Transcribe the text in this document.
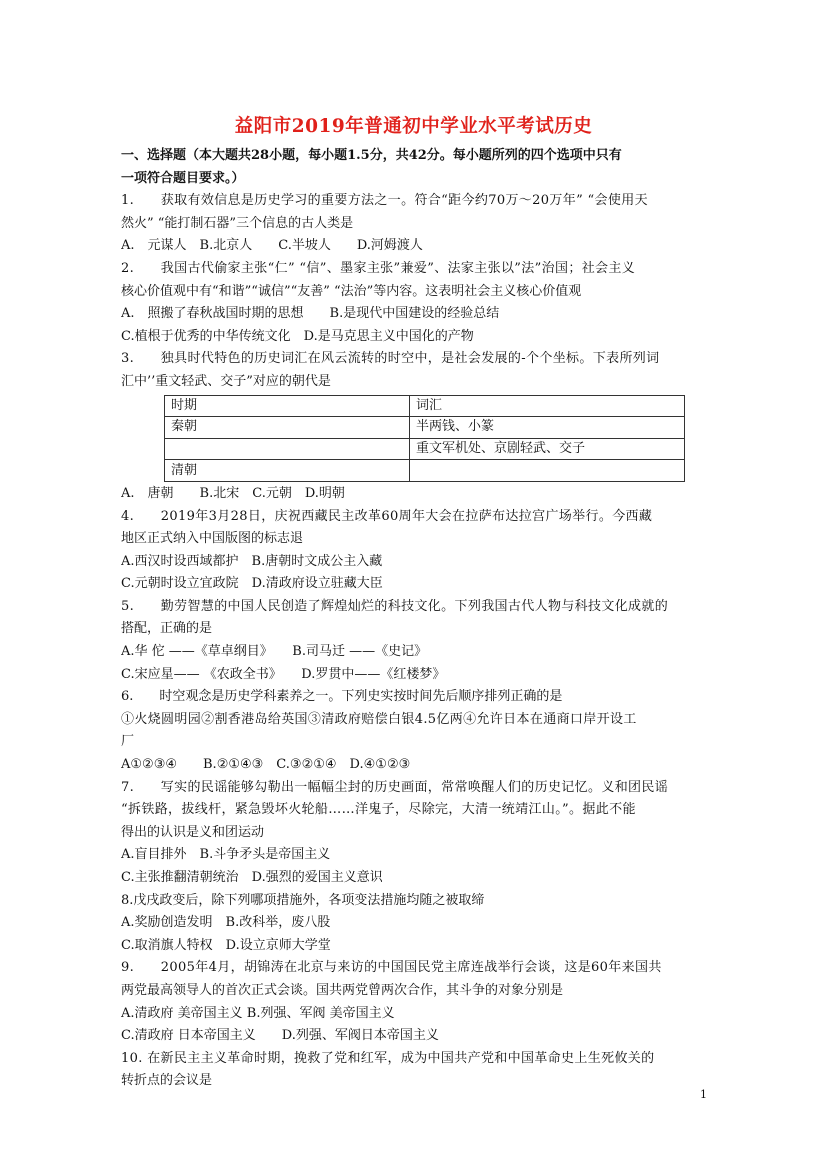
益阳市2019年普通初中学业水平考试历史
一、选择题（本大题共28小题，每小题1.5分，共42分。每小题所列的四个选项中只有
一项符合题目要求。）
1.　　获取有效信息是历史学习的重要方法之一。符合“距今约70万～20万年” “会使用天
然火” “能打制石器”三个信息的古人类是
A.　元谋人　B.北京人　　C.半坡人　　D.河姆渡人
2.　　我国古代偷家主张“仁” “信”、墨家主张”兼爱”、法家主张以”法”治国；社会主义
核心价值观中有“和谐”“诚信”“友善” “法治”等内容。这表明社会主义核心价值观
A.　照搬了春秋战国时期的思想　　B.是现代中国建设的经验总结
C.植根于优秀的中华传统文化　D.是马克思主义中国化的产物
3.　　独具时代特色的历史词汇在风云流转的时空中，是社会发展的-个个坐标。下表所列词
汇中’’重文轻武、交子”对应的朝代是
时期	词汇
秦朝	半两钱、小篆
	重文军机处、京剧轻武、交子
清朝	
A.　唐朝　　B.北宋　C.元朝　D.明朝
4.　　2019年3月28日，庆祝西藏民主改革60周年大会在拉萨布达拉宫广场举行。今西藏
地区正式纳入中国版图的标志退
A.西汉时设西域都护　B.唐朝时文成公主入藏
C.元朝时设立宜政院　D.清政府设立驻藏大臣
5.　　勤劳智慧的中国人民创造了辉煌灿烂的科技文化。下列我国古代人物与科技文化成就的
搭配，正确的是
A.华 佗 ——《草卓纲目》　　B.司马迁 ——《史记》
C.宋应星—— 《农政全书》　　D.罗贯中——《红楼梦》
6.　　时空观念是历史学科素养之一。下列史实按时间先后顺序排列正确的是
①火烧圆明园②割香港岛给英国③清政府赔偿白银4.5亿两④允许日本在通商口岸开设工
厂
A①②③④　　B.②①④③　C.③②①④　D.④①②③
7.　　写实的民谣能够勾勒出一幅幅尘封的历史画面，常常唤醒人们的历史记忆。义和团民谣
“拆铁路，拔线杆，紧急毁坏火轮船……洋鬼子，尽除完，大清一统靖江山。”。据此不能
得出的认识是义和团运动
A.盲目排外　B.斗争矛头是帝国主义
C.主张推翻清朝统治　D.强烈的爱国主义意识
8.戊戌政变后，除下列哪项措施外，各项变法措施均随之被取缔
A.奖励创造发明　B.改科举，废八股
C.取消旗人特权　D.设立京师大学堂
9.　　2005年4月，胡锦涛在北京与来访的中国国民党主席连战举行会谈，这是60年来国共
两党最高领导人的首次正式会谈。国共两党曾两次合作，其斗争的对象分别是
A.清政府 美帝国主义 B.列强、军阀 美帝国主义
C.清政府 日本帝国主义　　D.列强、军阀日本帝国主义
10. 在新民主主义革命时期，挽救了党和红军，成为中国共产党和中国革命史上生死攸关的
转折点的会议是
1
